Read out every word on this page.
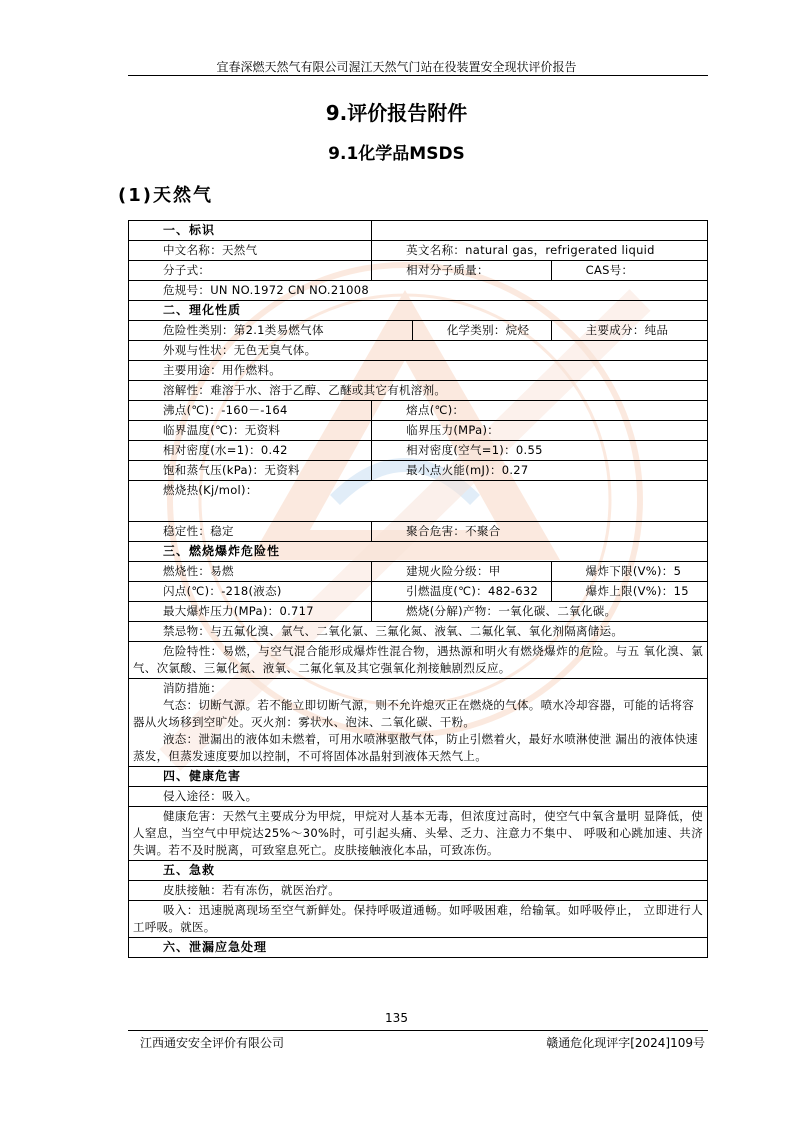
宜春深燃天然气有限公司渥江天然气门站在役装置安全现状评价报告
9.评价报告附件
9.1化学品MSDS
(1)天然气
一、标识			
中文名称：天然气	英文名称：natural gas，refrigerated liquid		
分子式：	相对分子质量：		CAS号：
危规号：UN NO.1972 CN NO.21008			
二、理化性质			
危险性类别：第2.1类易燃气体		化学类别：烷烃	主要成分：纯品
外观与性状：无色无臭气体。			
主要用途：用作燃料。			
溶解性：难溶于水、溶于乙醇、乙醚或其它有机溶剂。			
沸点(℃)：-160－-164	熔点(℃)：		
临界温度(℃)：无资料	临界压力(MPa)：		
相对密度(水=1)：0.42	相对密度(空气=1)：0.55		
饱和蒸气压(kPa)：无资料	最小点火能(mJ)：0.27		
燃烧热(Kj/mol)：			
稳定性：稳定	聚合危害：不聚合		
三、燃烧爆炸危险性			
燃烧性：易燃	建规火险分级：甲		爆炸下限(V%)：5
闪点(℃)：-218(液态)	引燃温度(℃)：482-632		爆炸上限(V%)：15
最大爆炸压力(MPa)：0.717	燃烧(分解)产物：一氧化碳、二氧化碳。		
禁忌物：与五氟化溴、氯气、二氧化氯、三氟化氮、液氧、二氟化氧、氧化剂隔离储运。			
危险特性：易燃，与空气混合能形成爆炸性混合物，遇热源和明火有燃烧爆炸的危险。与五 氧化溴、氯气、次氯酸、三氟化氮、液氧、二氟化氧及其它强氧化剂接触剧烈反应。			

消防措施：
气态：切断气源。若不能立即切断气源，则不允许熄灭正在燃烧的气体。喷水冷却容器，可能的话将容器从火场移到空旷处。灭火剂：雾状水、泡沫、二氧化碳、干粉。
液态：泄漏出的液体如未燃着，可用水喷淋驱散气体，防止引燃着火，最好水喷淋使泄 漏出的液体快速蒸发，但蒸发速度要加以控制，不可将固体冰晶射到液体天然气上。			

四、健康危害			
侵入途径：吸入。			
健康危害：天然气主要成分为甲烷，甲烷对人基本无毒，但浓度过高时，使空气中氧含量明 显降低，使人窒息，当空气中甲烷达25%～30%时，可引起头痛、头晕、乏力、注意力不集中、 呼吸和心跳加速、共济失调。若不及时脱离，可致窒息死亡。皮肤接触液化本品，可致冻伤。			
五、急救			
皮肤接触：若有冻伤，就医治疗。			
吸入：迅速脱离现场至空气新鲜处。保持呼吸道通畅。如呼吸困难，给输氧。如呼吸停止， 立即进行人工呼吸。就医。			
六、泄漏应急处理			
135
江西通安安全评价有限公司	赣通危化现评字[2024]109号
